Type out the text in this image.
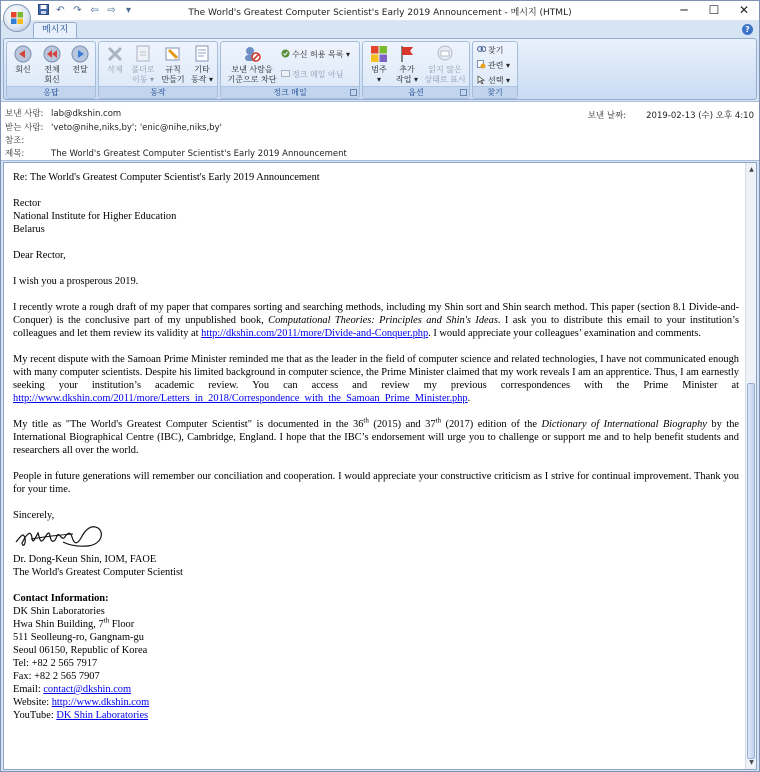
↶ ↷ ⇦ ⇨	▾	The World's Greatest Computer Scientist's Early 2019 Announcement - 메시지 (HTML)	─	☐	✕
메시지	?
회신	전체
회신
전달
응답
삭제	폴더로
이동 ▾
규칙
만들기
기타
동작 ▾
동작
보낸 사람을
기준으로 차단
수신 허용 목록 ▾
정크 메일 아님
정크 메일
범주
▾
추가
작업 ▾
읽지 않은
상태로 표시
옵션
찾기
관련 ▾
선택 ▾
찾기
보낸 사람: lab@dkshin.com
받는 사람: 'veto@nihe,niks,by'; 'enic@nihe,niks,by'
참조:
제목:	The World's Greatest Computer Scientist's Early 2019 Announcement
보낸 날짜: 2019-02-13 (수) 오후 4:10

Re: The World's Greatest Computer Scientist's Early 2019 Announcement

Rector
National Institute for Higher Education
Belarus

Dear Rector,

I wish you a prosperous 2019.

I recently wrote a rough draft of my paper that compares sorting and searching methods, including my Shin sort and Shin search method. This paper (section 8.1 Divide-and-Conquer) is the conclusive part of my unpublished book, Computational Theories: Principles and Shin's Ideas. I ask you to distribute this email to your institution’s colleagues and let them review its validity at http://dkshin.com/2011/more/Divide-and-Conquer.php. I would appreciate your colleagues’ examination and comments.

My recent dispute with the Samoan Prime Minister reminded me that as the leader in the field of computer science and related technologies, I have not communicated enough with many computer scientists. Despite his limited background in computer science, the Prime Minister claimed that my work reveals I am an apprentice. Thus, I am earnestly seeking your institution’s academic review. You can access and review my previous correspondences with the Prime Minister at http://www.dkshin.com/2011/more/Letters_in_2018/Correspondence_with_the_Samoan_Prime_Minister.php.

My title as "The World's Greatest Computer Scientist" is documented in the 36th (2015) and 37th (2017) edition of the Dictionary of International Biography by the International Biographical Centre (IBC), Cambridge, England. I hope that the IBC’s endorsement will urge you to challenge or support me and to help benefit students and researchers all over the world.

People in future generations will remember our conciliation and cooperation. I would appreciate your constructive criticism as I strive for continual improvement. Thank you for your time.

Sincerely,

Dr. Dong-Keun Shin, IOM, FAOE
The World's Greatest Computer Scientist

Contact Information:
DK Shin Laboratories
Hwa Shin Building, 7th Floor
511 Seolleung-ro, Gangnam-gu
Seoul 06150, Republic of Korea
Tel: +82 2 565 7917
Fax: +82 2 565 7907
Email: contact@dkshin.com
Website: http://www.dkshin.com
YouTube: DK Shin Laboratories
▲
▼
